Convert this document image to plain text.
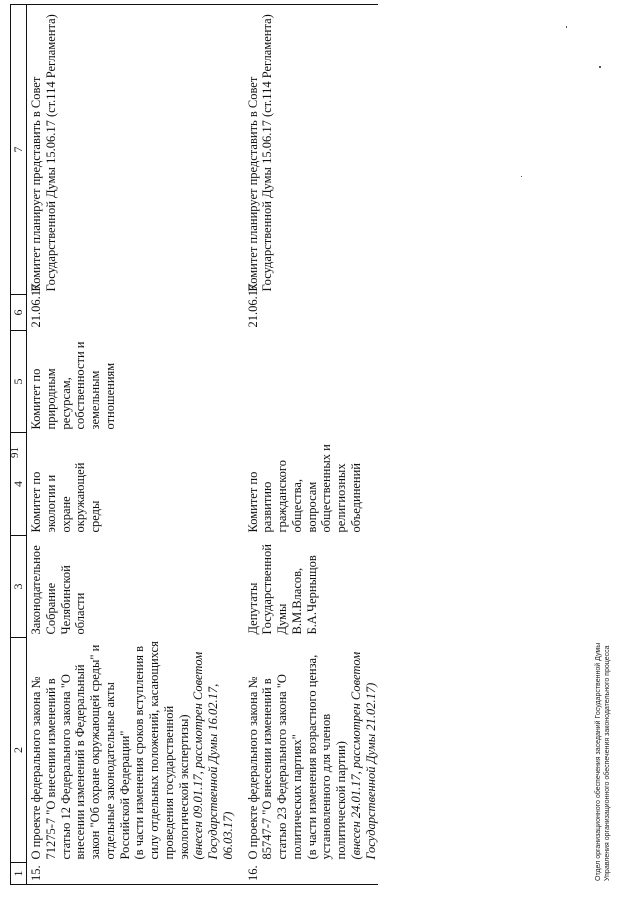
91
1	2	3	4	5	6	7
15.	О проекте федерального закона № 71275-7 "О внесении изменений в статью 12 Федерального закона "О внесении изменений в Федеральный закон "Об охране окружающей среды" и отдельные законодательные акты Российской Федерации" (в части изменения сроков вступления в силу отдельных положений, касающихся проведения государственной экологической экспертизы) (внесен 09.01.17, рассмотрен Советом Государственной Думы 16.02.17, 06.03.17)	Законодательное Собрание Челябинской области	Комитет по экологии и охране окружающей среды	Комитет по природным ресурсам, собственности и земельным отношениям	21.06.17	Комитет планирует представить в Совет Государственной Думы 15.06.17 (ст.114 Регламента)
16.	О проекте федерального закона № 85747-7 "О внесении изменений в статью 23 Федерального закона "О политических партиях" (в части изменения возрастного ценза, установленного для членов политической партии) (внесен 24.01.17, рассмотрен Советом Государственной Думы 21.02.17)	Депутаты Государственной Думы В.М.Власов, Б.А.Черныщов	Комитет по развитию гражданского общества, вопросам общественных и религиозных объединений		21.06.17	Комитет планирует представить в Совет Государственной Думы 15.06.17 (ст.114 Регламента)
Отдел организационного обеспечения заседаний Государственной Думы Управления организационного обеспечения законодательного процесса
